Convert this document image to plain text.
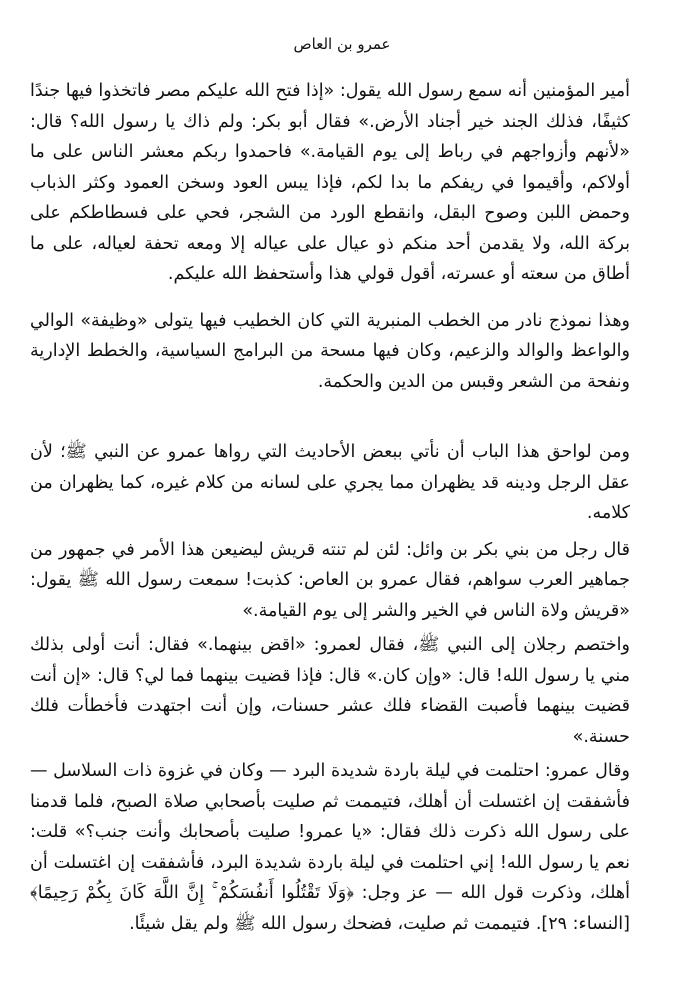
عمرو بن العاص

أمير المؤمنين أنه سمع رسول الله يقول: «إذا فتح الله عليكم مصر فاتخذوا فيها جندًا كثيفًا، فذلك الجند خير أجناد الأرض.» فقال أبو بكر: ولم ذاك يا رسول الله؟ قال: «لأنهم وأزواجهم في رباط إلى يوم القيامة.» فاحمدوا ربكم معشر الناس على ما أولاكم، وأقيموا في ريفكم ما بدا لكم، فإذا يبس العود وسخن العمود وكثر الذباب وحمض اللبن وصوح البقل، وانقطع الورد من الشجر، فحي على فسطاطكم على بركة الله، ولا يقدمن أحد منكم ذو عيال على عياله إلا ومعه تحفة لعياله، على ما أطاق من سعته أو عسرته، أقول قولي هذا وأستحفظ الله عليكم.

وهذا نموذج نادر من الخطب المنبرية التي كان الخطيب فيها يتولى «وظيفة» الوالي والواعظ والوالد والزعيم، وكان فيها مسحة من البرامج السياسية، والخطط الإدارية ونفحة من الشعر وقبس من الدين والحكمة.

ومن لواحق هذا الباب أن نأتي ببعض الأحاديث التي رواها عمرو عن النبي ﷺ؛ لأن عقل الرجل ودينه قد يظهران مما يجري على لسانه من كلام غيره، كما يظهران من كلامه.

قال رجل من بني بكر بن وائل: لئن لم تنته قريش ليضيعن هذا الأمر في جمهور من جماهير العرب سواهم، فقال عمرو بن العاص: كذبت! سمعت رسول الله ﷺ يقول: «قريش ولاة الناس في الخير والشر إلى يوم القيامة.»

واختصم رجلان إلى النبي ﷺ، فقال لعمرو: «اقض بينهما.» فقال: أنت أولى بذلك مني يا رسول الله! قال: «وإن كان.» قال: فإذا قضيت بينهما فما لي؟ قال: «إن أنت قضيت بينهما فأصبت القضاء فلك عشر حسنات، وإن أنت اجتهدت فأخطأت فلك حسنة.»

وقال عمرو: احتلمت في ليلة باردة شديدة البرد — وكان في غزوة ذات السلاسل — فأشفقت إن اغتسلت أن أهلك، فتيممت ثم صليت بأصحابي صلاة الصبح، فلما قدمنا على رسول الله ذكرت ذلك فقال: «يا عمرو! صليت بأصحابك وأنت جنب؟» قلت: نعم يا رسول الله! إني احتلمت في ليلة باردة شديدة البرد، فأشفقت إن اغتسلت أن أهلك، وذكرت قول الله — عز وجل: ﴿وَلَا تَقْتُلُوا أَنفُسَكُمْ ۚ إِنَّ اللَّهَ كَانَ بِكُمْ رَحِيمًا﴾ [النساء: ٢٩]. فتيممت ثم صليت، فضحك رسول الله ﷺ ولم يقل شيئًا.
